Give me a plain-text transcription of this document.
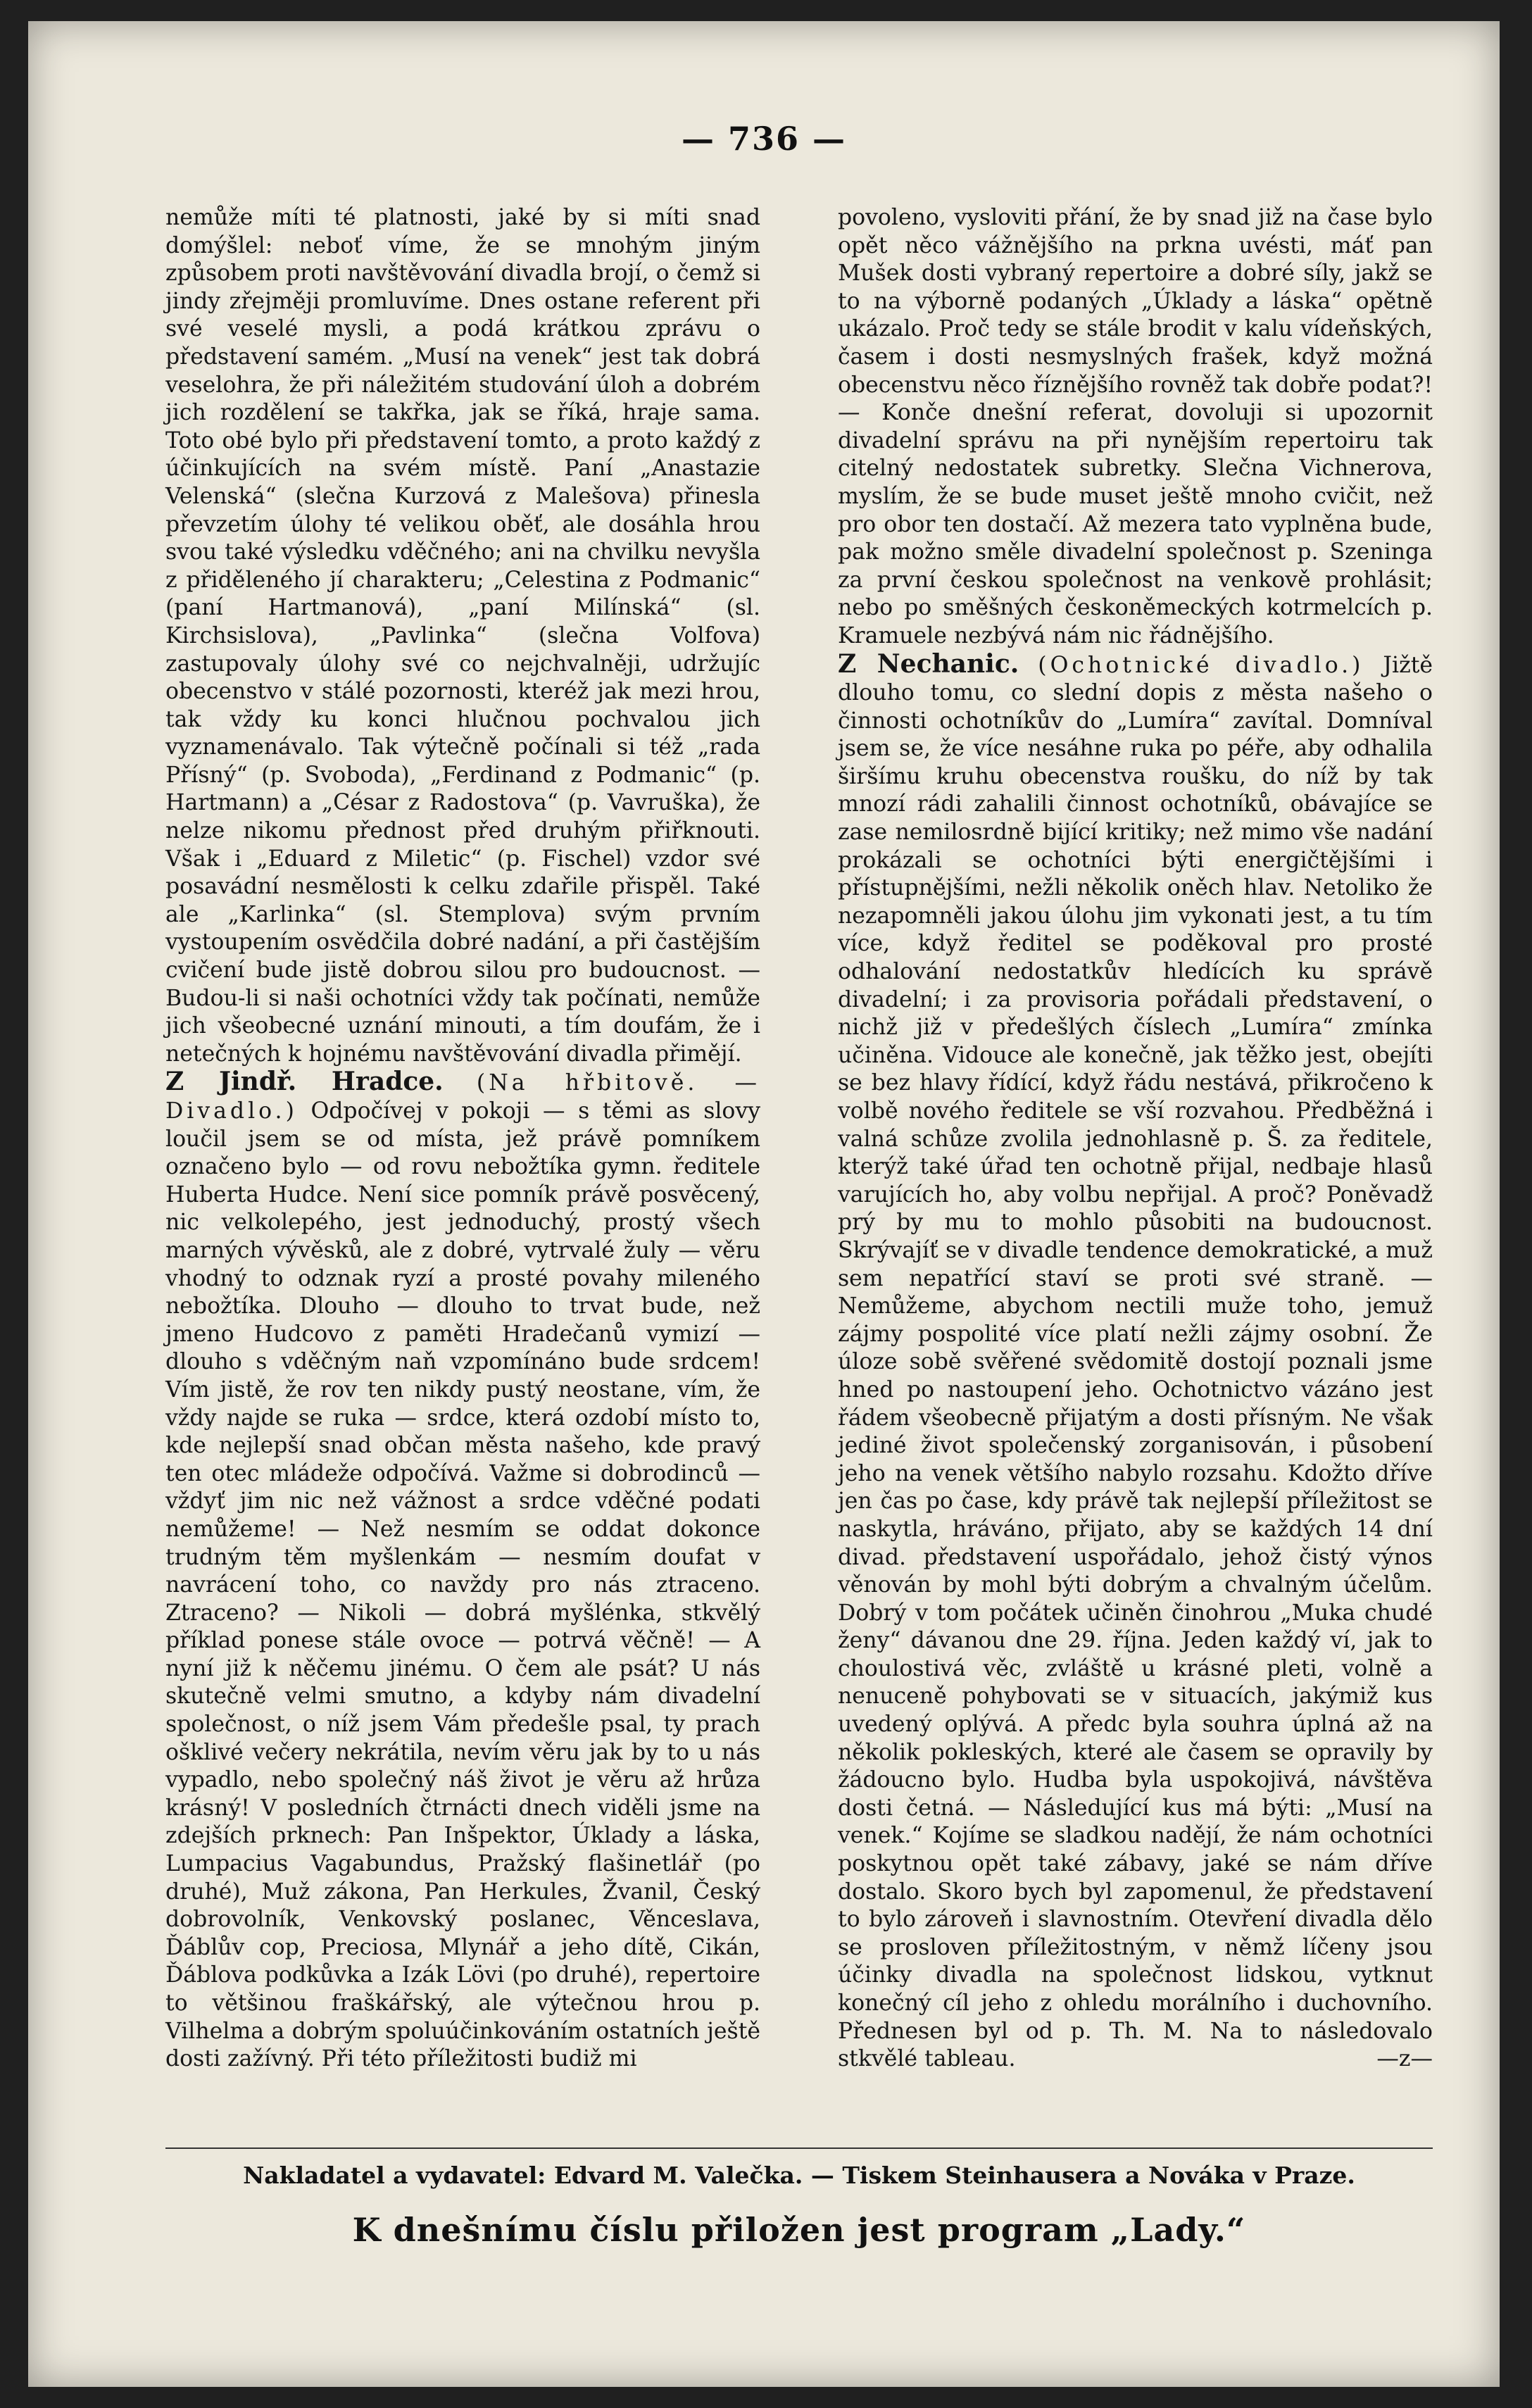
— 736 —

nemůže míti té platnosti, jaké by si míti snad domýšlel: neboť víme, že se mnohým jiným způsobem proti navštěvování divadla brojí, o čemž si jindy zřejměji promluvíme. Dnes ostane referent při své veselé mysli, a podá krátkou zprávu o představení samém. „Musí na venek“ jest tak dobrá veselohra, že při náležitém studování úloh a dobrém jich rozdělení se takřka, jak se říká, hraje sama. Toto obé bylo při představení tomto, a proto každý z účinkujících na svém místě. Paní „Anastazie Velenská“ (slečna Kurzová z Malešova) přinesla převzetím úlohy té velikou oběť, ale dosáhla hrou svou také výsledku vděčného; ani na chvilku nevyšla z přiděleného jí charakteru; „Celestina z Podmanic“ (paní Hartmanová), „paní Milínská“ (sl. Kirchsislova), „Pavlinka“ (slečna Volfova) zastupovaly úlohy své co nejchvalněji, udržujíc obecenstvo v stálé pozornosti, kteréž jak mezi hrou, tak vždy ku konci hlučnou pochvalou jich vyznamenávalo. Tak výtečně počínali si též „rada Přísný“ (p. Svoboda), „Ferdinand z Podmanic“ (p. Hartmann) a „César z Radostova“ (p. Vavruška), že nelze nikomu přednost před druhým přiřknouti. Však i „Eduard z Miletic“ (p. Fischel) vzdor své posavádní nesmělosti k celku zdařile přispěl. Také ale „Karlinka“ (sl. Stemplova) svým prvním vystoupením osvědčila dobré nadání, a při častějším cvičení bude jistě dobrou silou pro budoucnost. — Budou-li si naši ochotníci vždy tak počínati, nemůže jich všeobecné uznání minouti, a tím doufám, že i netečných k hojnému navštěvování divadla přimějí.

Z Jindř. Hradce. (Na hřbitově. — Divadlo.) Odpočívej v pokoji — s těmi as slovy loučil jsem se od místa, jež právě pomníkem označeno bylo — od rovu nebožtíka gymn. ředitele Huberta Hudce. Není sice pomník právě posvěcený, nic velkolepého, jest jednoduchý, prostý všech marných vývěsků, ale z dobré, vytrvalé žuly — věru vhodný to odznak ryzí a prosté povahy mileného nebožtíka. Dlouho — dlouho to trvat bude, než jmeno Hudcovo z paměti Hradečanů vymizí — dlouho s vděčným naň vzpomínáno bude srdcem! Vím jistě, že rov ten nikdy pustý neostane, vím, že vždy najde se ruka — srdce, která ozdobí místo to, kde nejlepší snad občan města našeho, kde pravý ten otec mládeže odpočívá. Važme si dobrodinců — vždyť jim nic než vážnost a srdce vděčné podati nemůžeme! — Než nesmím se oddat dokonce trudným těm myšlenkám — nesmím doufat v navrácení toho, co navždy pro nás ztraceno. Ztraceno? — Nikoli — dobrá myšlénka, stkvělý příklad ponese stále ovoce — potrvá věčně! — A nyní již k něčemu jinému. O čem ale psát? U nás skutečně velmi smutno, a kdyby nám divadelní společnost, o níž jsem Vám předešle psal, ty prach ošklivé večery nekrátila, nevím věru jak by to u nás vypadlo, nebo společný náš život je věru až hrůza krásný! V posledních čtrnácti dnech viděli jsme na zdejších prknech: Pan Inšpektor, Úklady a láska, Lumpacius Vagabundus, Pražský flašinetlář (po druhé), Muž zákona, Pan Herkules, Žvanil, Český dobrovolník, Venkovský poslanec, Věnceslava, Ďáblův cop, Preciosa, Mlynář a jeho dítě, Cikán, Ďáblova podkůvka a Izák Lövi (po druhé), repertoire to většinou fraškářský, ale výtečnou hrou p. Vilhelma a dobrým spoluúčinkováním ostatních ještě dosti zažívný. Při této příležitosti budiž mi

povoleno, vysloviti přání, že by snad již na čase bylo opět něco vážnějšího na prkna uvésti, máť pan Mušek dosti vybraný repertoire a dobré síly, jakž se to na výborně podaných „Úklady a láska“ opětně ukázalo. Proč tedy se stále brodit v kalu vídeňských, časem i dosti nesmyslných frašek, když možná obecenstvu něco říznějšího rovněž tak dobře podat?! — Konče dnešní referat, dovoluji si upozornit divadelní správu na při nynějším repertoiru tak citelný nedostatek subretky. Slečna Vichnerova, myslím, že se bude muset ještě mnoho cvičit, než pro obor ten dostačí. Až mezera tato vyplněna bude, pak možno směle divadelní společnost p. Szeninga za první českou společnost na venkově prohlásit; nebo po směšných českoněmeckých kotrmelcích p. Kramuele nezbývá nám nic řádnějšího.

Z Nechanic. (Ochotnické divadlo.) Jižtě dlouho tomu, co slední dopis z města našeho o činnosti ochotníkův do „Lumíra“ zavítal. Domníval jsem se, že více nesáhne ruka po péře, aby odhalila širšímu kruhu obecenstva roušku, do níž by tak mnozí rádi zahalili činnost ochotníků, obávajíce se zase nemilosrdně bijící kritiky; než mimo vše nadání prokázali se ochotníci býti energičtějšími i přístupnějšími, nežli několik oněch hlav. Netoliko že nezapomněli jakou úlohu jim vykonati jest, a tu tím více, když ředitel se poděkoval pro prosté odhalování nedostatkův hledících ku správě divadelní; i za provisoria pořádali představení, o nichž již v předešlých číslech „Lumíra“ zmínka učiněna. Vidouce ale konečně, jak těžko jest, obejíti se bez hlavy řídící, když řádu nestává, přikročeno k volbě nového ředitele se vší rozvahou. Předběžná i valná schůze zvolila jednohlasně p. Š. za ředitele, kterýž také úřad ten ochotně přijal, nedbaje hlasů varujících ho, aby volbu nepřijal. A proč? Poněvadž prý by mu to mohlo působiti na budoucnost. Skrývajíť se v divadle tendence demokratické, a muž sem nepatřící staví se proti své straně. — Nemůžeme, abychom nectili muže toho, jemuž zájmy pospolité více platí nežli zájmy osobní. Že úloze sobě svěřené svědomitě dostojí poznali jsme hned po nastoupení jeho. Ochotnictvo vázáno jest řádem všeobecně přijatým a dosti přísným. Ne však jediné život společenský zorganisován, i působení jeho na venek většího nabylo rozsahu. Kdožto dříve jen čas po čase, kdy právě tak nejlepší příležitost se naskytla, hráváno, přijato, aby se každých 14 dní divad. představení uspořádalo, jehož čistý výnos věnován by mohl býti dobrým a chvalným účelům. Dobrý v tom počátek učiněn činohrou „Muka chudé ženy“ dávanou dne 29. října. Jeden každý ví, jak to choulostivá věc, zvláště u krásné pleti, volně a nenuceně pohybovati se v situacích, jakýmiž kus uvedený oplývá. A předc byla souhra úplná až na několik pokleských, které ale časem se opravily by žádoucno bylo. Hudba byla uspokojivá, návštěva dosti četná. — Následující kus má býti: „Musí na venek.“ Kojíme se sladkou nadějí, že nám ochotníci poskytnou opět také zábavy, jaké se nám dříve dostalo. Skoro bych byl zapomenul, že představení to bylo zároveň i slavnostním. Otevření divadla dělo se prosloven příležitostným, v němž líčeny jsou účinky divadla na společnost lidskou, vytknut konečný cíl jeho z ohledu morálního i duchovního. Přednesen byl od p. Th. M. Na to následovalo stkvělé tableau.	—z—

Nakladatel a vydavatel: Edvard M. Valečka. — Tiskem Steinhausera a Nováka v Praze.
K dnešnímu číslu přiložen jest program „Lady.“
